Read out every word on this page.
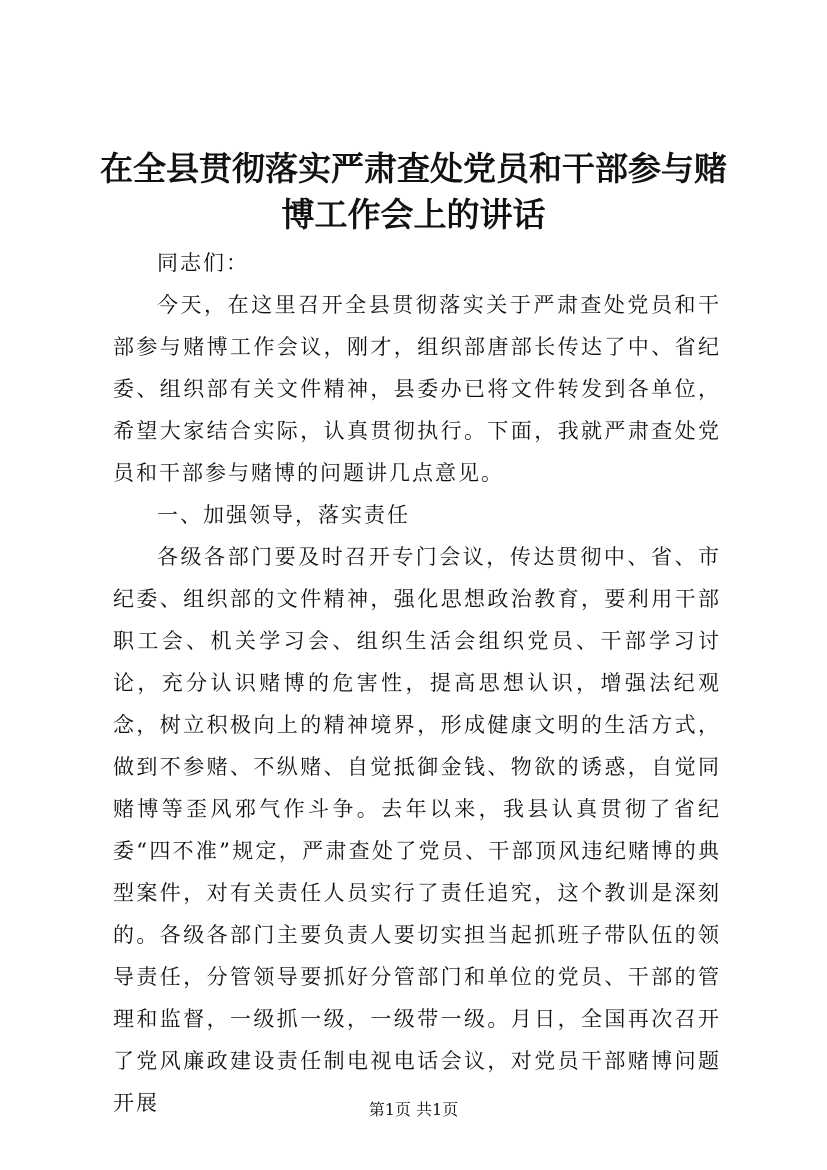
在全县贯彻落实严肃查处党员和干部参与赌博工作会上的讲话

同志们：

今天，在这里召开全县贯彻落实关于严肃查处党员和干部参与赌博工作会议，刚才，组织部唐部长传达了中、省纪委、组织部有关文件精神，县委办已将文件转发到各单位，希望大家结合实际，认真贯彻执行。下面，我就严肃查处党员和干部参与赌博的问题讲几点意见。

一、加强领导，落实责任

各级各部门要及时召开专门会议，传达贯彻中、省、市纪委、组织部的文件精神，强化思想政治教育，要利用干部职工会、机关学习会、组织生活会组织党员、干部学习讨论，充分认识赌博的危害性，提高思想认识，增强法纪观念，树立积极向上的精神境界，形成健康文明的生活方式，做到不参赌、不纵赌、自觉抵御金钱、物欲的诱惑，自觉同赌博等歪风邪气作斗争。去年以来，我县认真贯彻了省纪委“四不准”规定，严肃查处了党员、干部顶风违纪赌博的典型案件，对有关责任人员实行了责任追究，这个教训是深刻的。各级各部门主要负责人要切实担当起抓班子带队伍的领导责任，分管领导要抓好分管部门和单位的党员、干部的管理和监督，一级抓一级，一级带一级。月日，全国再次召开了党风廉政建设责任制电视电话会议，对党员干部赌博问题开展	第1页 共1页
